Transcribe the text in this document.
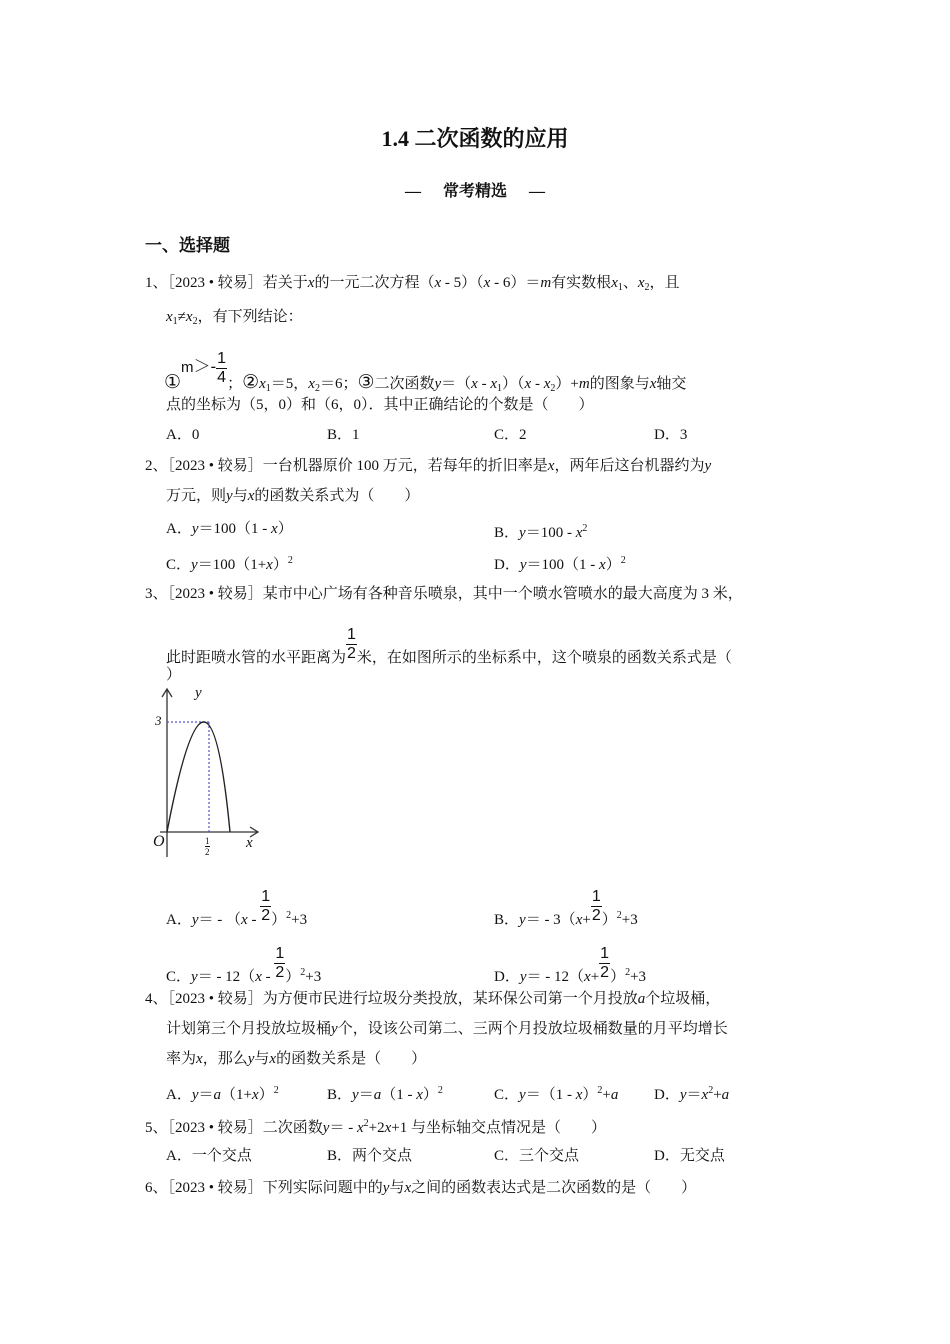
1.4 二次函数的应用
— 常考精选 —
一、选择题
1、［2023 • 较易］若关于x的一元二次方程（x - 5）（x - 6）＝m有实数根$x_1$、$x_2$，且
$x_1\ne x_2$，有下列结论：
①m＞- $\frac{1}{4}$ ；$②x_1=5$，$x_2=6$；③二次函数$y=(x - x_1)(x - x_2)+m$的图象与x轴交
点的坐标为（5，0）和（6，0）．其中正确结论的个数是（　　）
A．0	B．1	C．2	D．3
2、［2023 • 较易］一台机器原价 100 万元，若每年的折旧率是x，两年后这台机器约为y
万元，则y与x的函数关系式为（　　）
A．y＝100（1 - x）	B．$y=100 - x^2$
C．$y=100(1+x)^2$	D．y＝100（1 - x）$^2$
3、［2023 • 较易］某市中心广场有各种音乐喷泉，其中一个喷水管喷水的最大高度为 3 米，
此时距喷水管的水平距离为 $\frac{1}{2}$ 米，在如图所示的坐标系中，这个喷泉的函数关系式是（
）
y
3
x
O	1
2
A．$y= - (x - \frac{1}{2} )^2+3$	B．$y= - 3(x+ \frac{1}{2} )^2+3$
C．$y= - 12(x - \frac{1}{2} )^2+3$	D．$y= - 12(x+ \frac{1}{2} )^2+3$
4、［2023 • 较易］为方便市民进行垃圾分类投放，某环保公司第一个月投放a个垃圾桶，
计划第三个月投放垃圾桶y个，设该公司第二、三两个月投放垃圾桶数量的月平均增长
率为x，那么y与x的函数关系是（　　）
A．$y=a(1+x)^2$	B．y＝a（1 - x）$^2$	C．y＝（1 - x）$^2$+a D．$y=x^2+a$
5、［2023 • 较易］二次函数$y= - x^2+2x+1$ 与坐标轴交点情况是（　　）
A．一个交点	B．两个交点	C．三个交点	D．无交点
6、［2023 • 较易］下列实际问题中的y与x之间的函数表达式是二次函数的是（　　）
